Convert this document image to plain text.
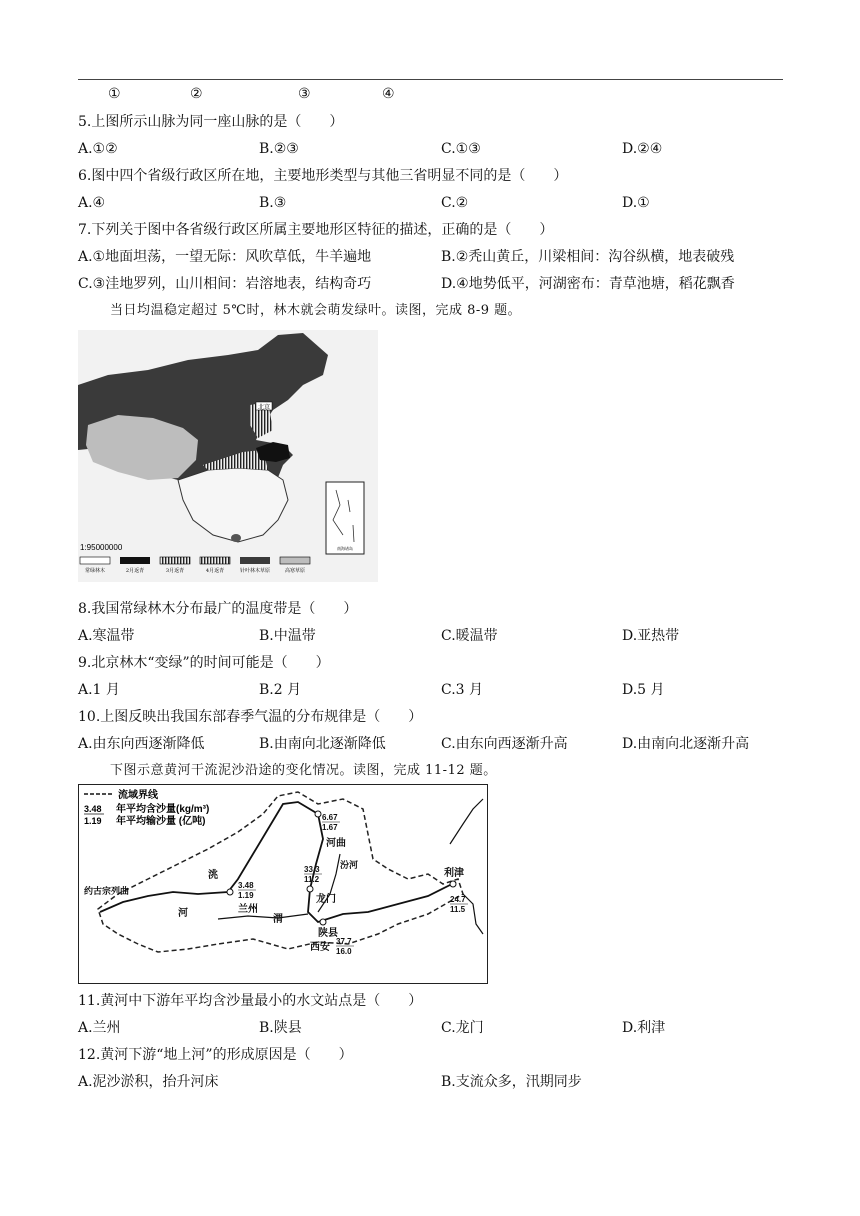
①	②	③	④
5.上图所示山脉为同一座山脉的是（　　）
A.①②	B.②③	C.①③	D.②④
6.图中四个省级行政区所在地，主要地形类型与其他三省明显不同的是（　　）
A.④	B.③	C.②	D.①
7.下列关于图中各省级行政区所属主要地形区特征的描述，正确的是（　　）
A.①地面坦荡，一望无际：风吹草低，牛羊遍地	B.②秃山黄丘，川梁相间：沟谷纵横，地表破残
C.③洼地罗列，山川相间：岩溶地表，结构奇巧	D.④地势低平，河湖密布：青草池塘，稻花飘香
当日均温稳定超过 5℃时，林木就会萌发绿叶。读图，完成 8-9 题。
北京
南海诸岛
1:95000000
常绿林木	2月返青	3月返青	4月返青	针叶林木草原	高寒草原
8.我国常绿林木分布最广的温度带是（　　）
A.寒温带	B.中温带	C.暖温带	D.亚热带
9.北京林木“变绿”的时间可能是（　　）
A.1 月	B.2 月	C.3 月	D.5 月
10.上图反映出我国东部春季气温的分布规律是（　　）
A.由东向西逐渐降低	B.由南向北逐渐降低	C.由东向西逐渐升高	D.由南向北逐渐升高
下图示意黄河干流泥沙沿途的变化情况。读图，完成 11-12 题。
流域界线
3.48
1.19
年平均含沙量(kg/m³)
年平均输沙量 (亿吨)
约古宗列曲
兰州
3.48
1.19
河曲
6.67
1.67
汾河
33.3
11.2
龙门
陕县
西安
37.7
16.0
利津
24.7
11.5
渭
洮
河
11.黄河中下游年平均含沙量最小的水文站点是（　　）
A.兰州	B.陕县	C.龙门	D.利津
12.黄河下游“地上河”的形成原因是（　　）
A.泥沙淤积，抬升河床	B.支流众多，汛期同步
